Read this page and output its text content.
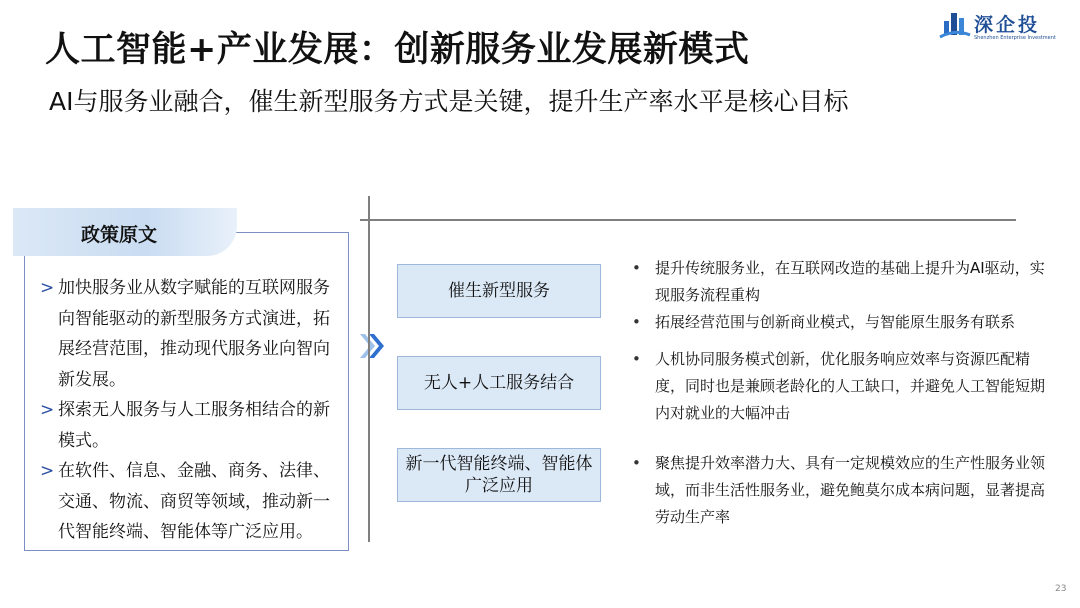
人工智能+产业发展：创新服务业发展新模式
AI与服务业融合，催生新型服务方式是关键，提升生产率水平是核心目标
深企投
Shenzhen Enterprise Investment
政策原文
> 加快服务业从数字赋能的互联网服务向智能驱动的新型服务方式演进，拓展经营范围，推动现代服务业向智向新发展。
> 探索无人服务与人工服务相结合的新模式。
> 在软件、信息、金融、商务、法律、交通、物流、商贸等领域，推动新一代智能终端、智能体等广泛应用。
催生新型服务
无人+人工服务结合
新一代智能终端、智能体广泛应用
• 提升传统服务业，在互联网改造的基础上提升为AI驱动，实现服务流程重构
• 拓展经营范围与创新商业模式，与智能原生服务有联系
• 人机协同服务模式创新，优化服务响应效率与资源匹配精度，同时也是兼顾老龄化的人工缺口，并避免人工智能短期内对就业的大幅冲击
• 聚焦提升效率潜力大、具有一定规模效应的生产性服务业领域，而非生活性服务业，避免鲍莫尔成本病问题，显著提高劳动生产率
23
